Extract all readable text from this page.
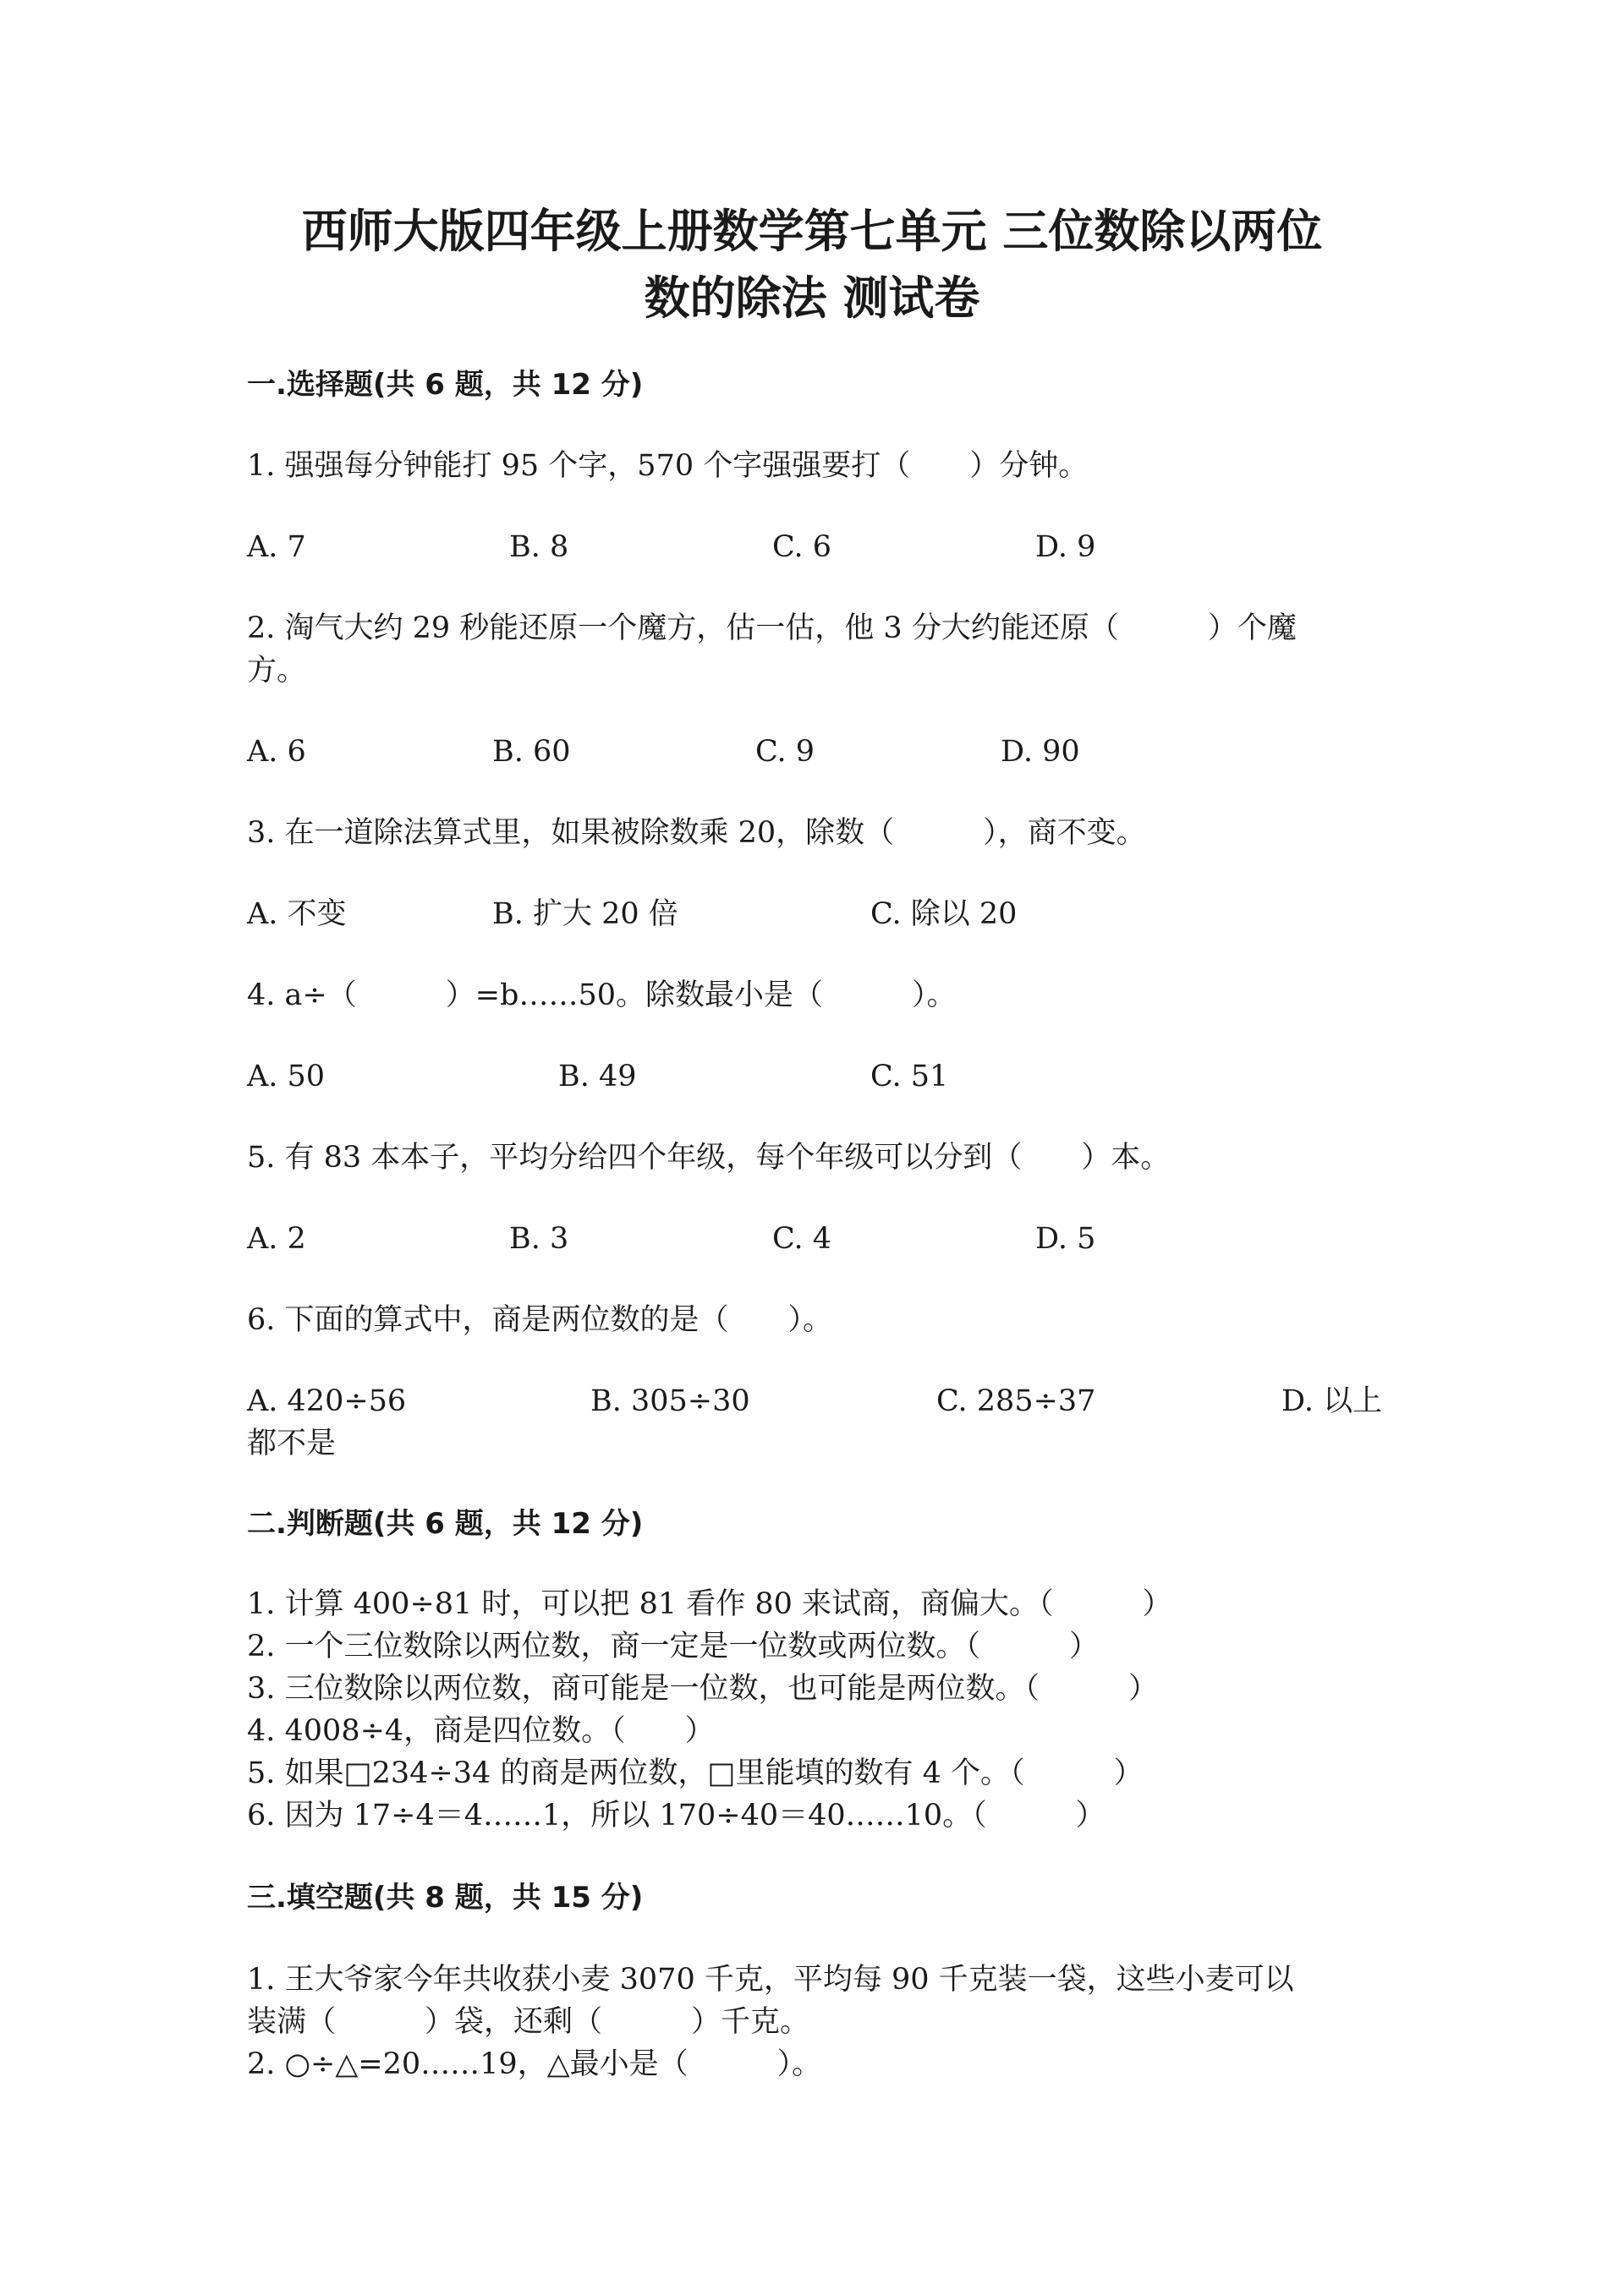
西师大版四年级上册数学第七单元 三位数除以两位
数的除法 测试卷
一.选择题(共 6 题，共 12 分)
1. 强强每分钟能打 95 个字，570 个字强强要打（　　）分钟。
A. 7	B. 8	C. 6	D. 9
2. 淘气大约 29 秒能还原一个魔方，估一估，他 3 分大约能还原（　　　）个魔
方。
A. 6	B. 60	C. 9	D. 90
3. 在一道除法算式里，如果被除数乘 20，除数（　　　），商不变。
A. 不变	B. 扩大 20 倍	C. 除以 20
4. a÷（　　　）=b……50。除数最小是（　　　）。
A. 50	B. 49	C. 51
5. 有 83 本本子，平均分给四个年级，每个年级可以分到（　　）本。
A. 2	B. 3	C. 4	D. 5
6. 下面的算式中，商是两位数的是（　　）。
A. 420÷56	B. 305÷30	C. 285÷37	D. 以上
都不是
二.判断题(共 6 题，共 12 分)
1. 计算 400÷81 时，可以把 81 看作 80 来试商，商偏大。（　　　）
2. 一个三位数除以两位数，商一定是一位数或两位数。（　　　）
3. 三位数除以两位数，商可能是一位数，也可能是两位数。（　　　）
4. 4008÷4，商是四位数。（　　）
5. 如果□234÷34 的商是两位数，□里能填的数有 4 个。（　　　）
6. 因为 17÷4＝4……1，所以 170÷40＝40……10。（　　　）
三.填空题(共 8 题，共 15 分)
1. 王大爷家今年共收获小麦 3070 千克，平均每 90 千克装一袋，这些小麦可以
装满（　　　）袋，还剩（　　　）千克。
2. ○÷△=20……19，△最小是（　　　）。
